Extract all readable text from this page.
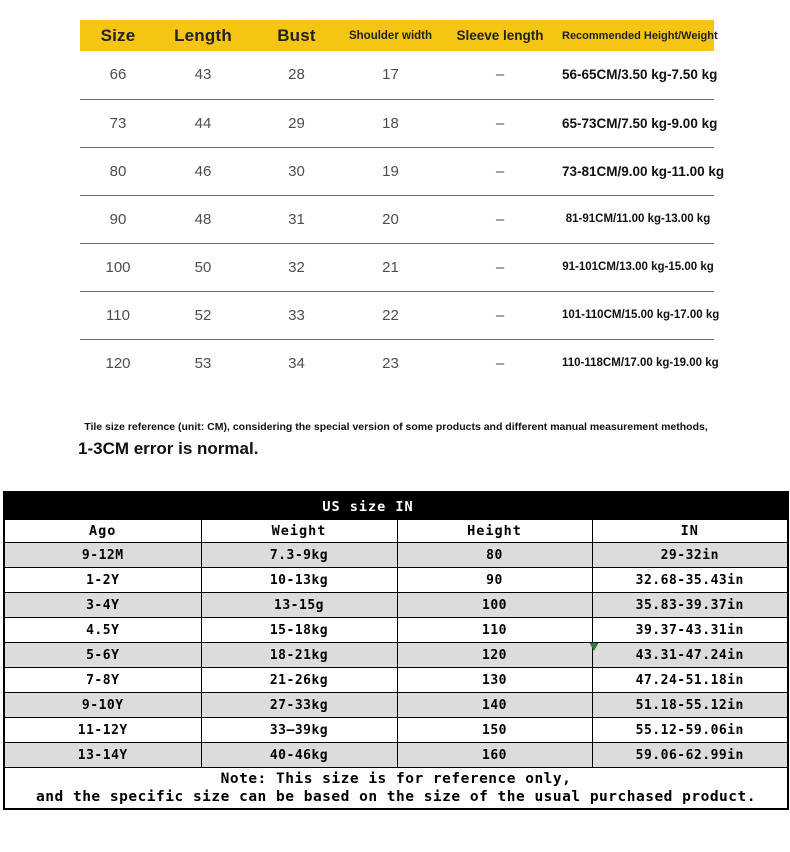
Size	Length	Bust	Shoulder width	Sleeve length	Recommended Height/Weight
66	43	28	17	–	56-65CM/3.50 kg-7.50 kg
73	44	29	18	–	65-73CM/7.50 kg-9.00 kg
80	46	30	19	–	73-81CM/9.00 kg-11.00 kg
90	48	31	20	–	81-91CM/11.00 kg-13.00 kg
100	50	32	21	–	91-101CM/13.00 kg-15.00 kg
110	52	33	22	–	101-110CM/15.00 kg-17.00 kg
120	53	34	23	–	110-118CM/17.00 kg-19.00 kg
Tile size reference (unit: CM), considering the special version of some products and different manual measurement methods,
1-3CM error is normal.
US size IN			
Ago	Weight	Height	IN
9-12M	7.3-9kg	80	29-32in
1-2Y	10-13kg	90	32.68-35.43in
3-4Y	13-15g	100	35.83-39.37in
4.5Y	15-18kg	110	39.37-43.31in
5-6Y	18-21kg	120	43.31-47.24in
7-8Y	21-26kg	130	47.24-51.18in
9-10Y	27-33kg	140	51.18-55.12in
11-12Y	33—39kg	150	55.12-59.06in
13-14Y	40-46kg	160	59.06-62.99in

Note: This size is for reference only,
and the specific size can be based on the size of the usual purchased product.			
